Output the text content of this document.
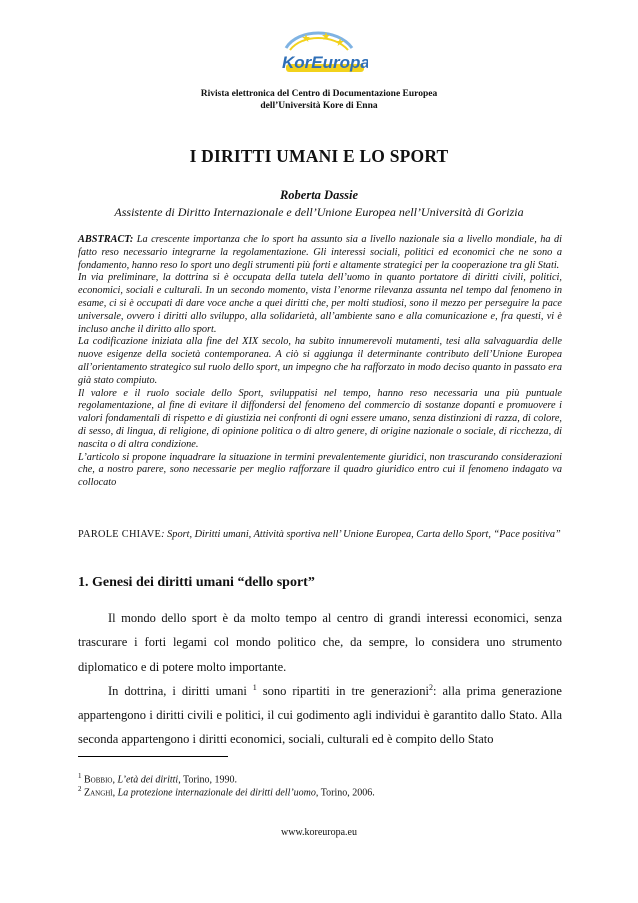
KorEuropa
Rivista elettronica del Centro di Documentazione Europea
dell’Università Kore di Enna
I DIRITTI UMANI E LO SPORT
Roberta Dassie
Assistente di Diritto Internazionale e dell’Unione Europea nell’Università di Gorizia

ABSTRACT: La crescente importanza che lo sport ha assunto sia a livello nazionale sia a livello mondiale, ha di fatto reso necessario integrarne la regolamentazione. Gli interessi sociali, politici ed economici che ne sono a fondamento, hanno reso lo sport uno degli strumenti più forti e altamente strategici per la cooperazione tra gli Stati.

In via preliminare, la dottrina si è occupata della tutela dell’uomo in quanto portatore di diritti civili, politici, economici, sociali e culturali. In un secondo momento, vista l’enorme rilevanza assunta nel tempo dal fenomeno in esame, ci si è occupati di dare voce anche a quei diritti che, per molti studiosi, sono il mezzo per perseguire la pace universale, ovvero i diritti allo sviluppo, alla solidarietà, all’ambiente sano e alla comunicazione e, fra questi, vi è incluso anche il diritto allo sport.

La codificazione iniziata alla fine del XIX secolo, ha subito innumerevoli mutamenti, tesi alla salvaguardia delle nuove esigenze della società contemporanea. A ciò si aggiunga il determinante contributo dell’Unione Europea all’orientamento strategico sul ruolo dello sport, un impegno che ha rafforzato in modo deciso quanto in passato era già stato compiuto.

Il valore e il ruolo sociale dello Sport, sviluppatisi nel tempo, hanno reso necessaria una più puntuale regolamentazione, al fine di evitare il diffondersi del fenomeno del commercio di sostanze dopanti e promuovere i valori fondamentali di rispetto e di giustizia nei confronti di ogni essere umano, senza distinzioni di razza, di colore, di sesso, di lingua, di religione, di opinione politica o di altro genere, di origine nazionale o sociale, di ricchezza, di nascita o di altra condizione.

L’articolo si propone inquadrare la situazione in termini prevalentemente giuridici, non trascurando considerazioni che, a nostro parere, sono necessarie per meglio rafforzare il quadro giuridico entro cui il fenomeno indagato va collocato

PAROLE CHIAVE: Sport, Diritti umani, Attività sportiva nell’ Unione Europea, Carta dello Sport, “Pace positiva”
1. Genesi dei diritti umani “dello sport”

Il mondo dello sport è da molto tempo al centro di grandi interessi economici, senza trascurare i forti legami col mondo politico che, da sempre, lo considera uno strumento diplomatico e di potere molto importante.

In dottrina, i diritti umani $^1$ sono ripartiti in tre generazioni$^2$: alla prima generazione appartengono i diritti civili e politici, il cui godimento agli individui è garantito dallo Stato. Alla seconda appartengono i diritti economici, sociali, culturali ed è compito dello Stato

$^1$ Bobbio, L’età dei diritti, Torino, 1990.
$^2$ Zanghì, La protezione internazionale dei diritti dell’uomo, Torino, 2006.
www.koreuropa.eu
